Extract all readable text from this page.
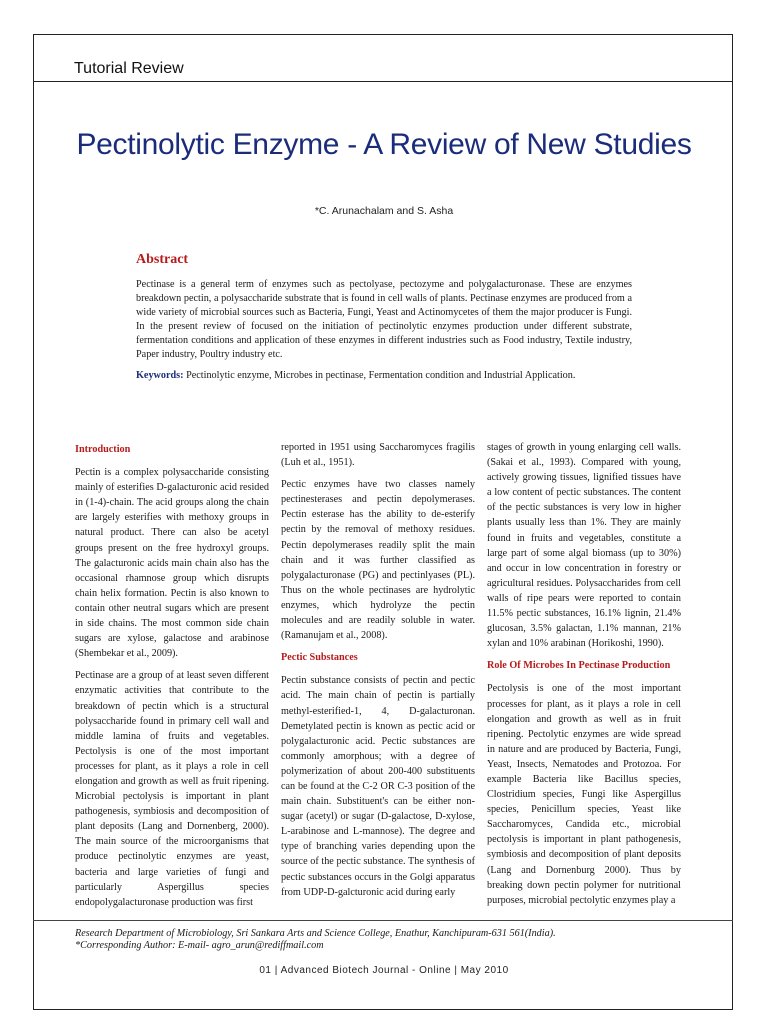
Tutorial Review
Pectinolytic Enzyme - A Review of New Studies
*C. Arunachalam and S. Asha
Abstract

Pectinase is a general term of enzymes such as pectolyase, pectozyme and polygalacturonase. These are enzymes breakdown pectin, a polysaccharide substrate that is found in cell walls of plants. Pectinase enzymes are produced from a wide variety of microbial sources such as Bacteria, Fungi, Yeast and Actinomycetes of them the major producer is Fungi. In the present review of focused on the initiation of pectinolytic enzymes production under different substrate, fermentation conditions and application of these enzymes in different industries such as Food industry, Textile industry, Paper industry, Poultry industry etc.

Keywords: Pectinolytic enzyme, Microbes in pectinase, Fermentation condition and Industrial Application.

Introduction

Pectin is a complex polysaccharide consisting mainly of esterifies D-galacturonic acid resided in (1-4)-chain. The acid groups along the chain are largely esterifies with methoxy groups in natural product. There can also be acetyl groups present on the free hydroxyl groups. The galacturonic acids main chain also has the occasional rhamnose group which disrupts chain helix formation. Pectin is also known to contain other neutral sugars which are present in side chains. The most common side chain sugars are xylose, galactose and arabinose (Shembekar et al., 2009).

Pectinase are a group of at least seven different enzymatic activities that contribute to the breakdown of pectin which is a structural polysaccharide found in primary cell wall and middle lamina of fruits and vegetables. Pectolysis is one of the most important processes for plant, as it plays a role in cell elongation and growth as well as fruit ripening. Microbial pectolysis is important in plant pathogenesis, symbiosis and decomposition of plant deposits (Lang and Dornenberg, 2000). The main source of the microorganisms that produce pectinolytic enzymes are yeast, bacteria and large varieties of fungi and particularly Aspergillus species endopolygalacturonase production was first

reported in 1951 using Saccharomyces fragilis (Luh et al., 1951).

Pectic enzymes have two classes namely pectinesterases and pectin depolymerases. Pectin esterase has the ability to de-esterify pectin by the removal of methoxy residues. Pectin depolymerases readily split the main chain and it was further classified as polygalacturonase (PG) and pectinlyases (PL). Thus on the whole pectinases are hydrolytic enzymes, which hydrolyze the pectin molecules and are readily soluble in water. (Ramanujam et al., 2008).

Pectic Substances

Pectin substance consists of pectin and pectic acid. The main chain of pectin is partially methyl-esterified-1, 4, D-galacturonan. Demetylated pectin is known as pectic acid or polygalacturonic acid. Pectic substances are commonly amorphous; with a degree of polymerization of about 200-400 substituents can be found at the C-2 OR C-3 position of the main chain. Substituent's can be either non-sugar (acetyl) or sugar (D-galactose, D-xylose, L-arabinose and L-mannose). The degree and type of branching varies depending upon the source of the pectic substance. The synthesis of pectic substances occurs in the Golgi apparatus from UDP-D-galcturonic acid during early

stages of growth in young enlarging cell walls. (Sakai et al., 1993). Compared with young, actively growing tissues, lignified tissues have a low content of pectic substances. The content of the pectic substances is very low in higher plants usually less than 1%. They are mainly found in fruits and vegetables, constitute a large part of some algal biomass (up to 30%) and occur in low concentration in forestry or agricultural residues. Polysaccharides from cell walls of ripe pears were reported to contain 11.5% pectic substances, 16.1% lignin, 21.4% glucosan, 3.5% galactan, 1.1% mannan, 21% xylan and 10% arabinan (Horikoshi, 1990).

Role Of Microbes In Pectinase Production

Pectolysis is one of the most important processes for plant, as it plays a role in cell elongation and growth as well as in fruit ripening. Pectolytic enzymes are wide spread in nature and are produced by Bacteria, Fungi, Yeast, Insects, Nematodes and Protozoa. For example Bacteria like Bacillus species, Clostridium species, Fungi like Aspergillus species, Penicillum species, Yeast like Saccharomyces, Candida etc., microbial pectolysis is important in plant pathogenesis, symbiosis and decomposition of plant deposits (Lang and Dornenburg 2000). Thus by breaking down pectin polymer for nutritional purposes, microbial pectolytic enzymes play a

Research Department of Microbiology, Sri Sankara Arts and Science College, Enathur, Kanchipuram-631 561(India).
*Corresponding Author: E-mail- agro_arun@rediffmail.com
01 | Advanced Biotech Journal - Online | May 2010
